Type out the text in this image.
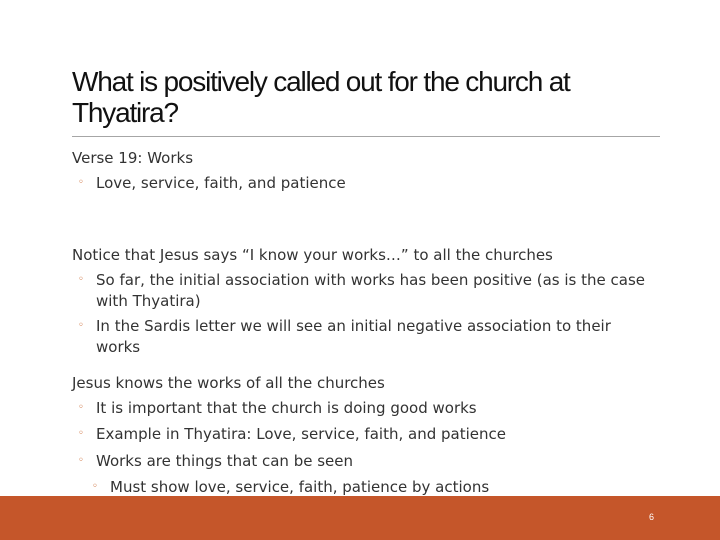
What is positively called out for the church at
Thyatira?
Verse 19: Works
◦ Love, service, faith, and patience
Notice that Jesus says “I know your works…” to all the churches
◦ So far, the initial association with works has been positive (as is the case
with Thyatira)
◦ In the Sardis letter we will see an initial negative association to their
works
Jesus knows the works of all the churches
◦ It is important that the church is doing good works
◦ Example in Thyatira: Love, service, faith, and patience
◦ Works are things that can be seen
◦ Must show love, service, faith, patience by actions
6
